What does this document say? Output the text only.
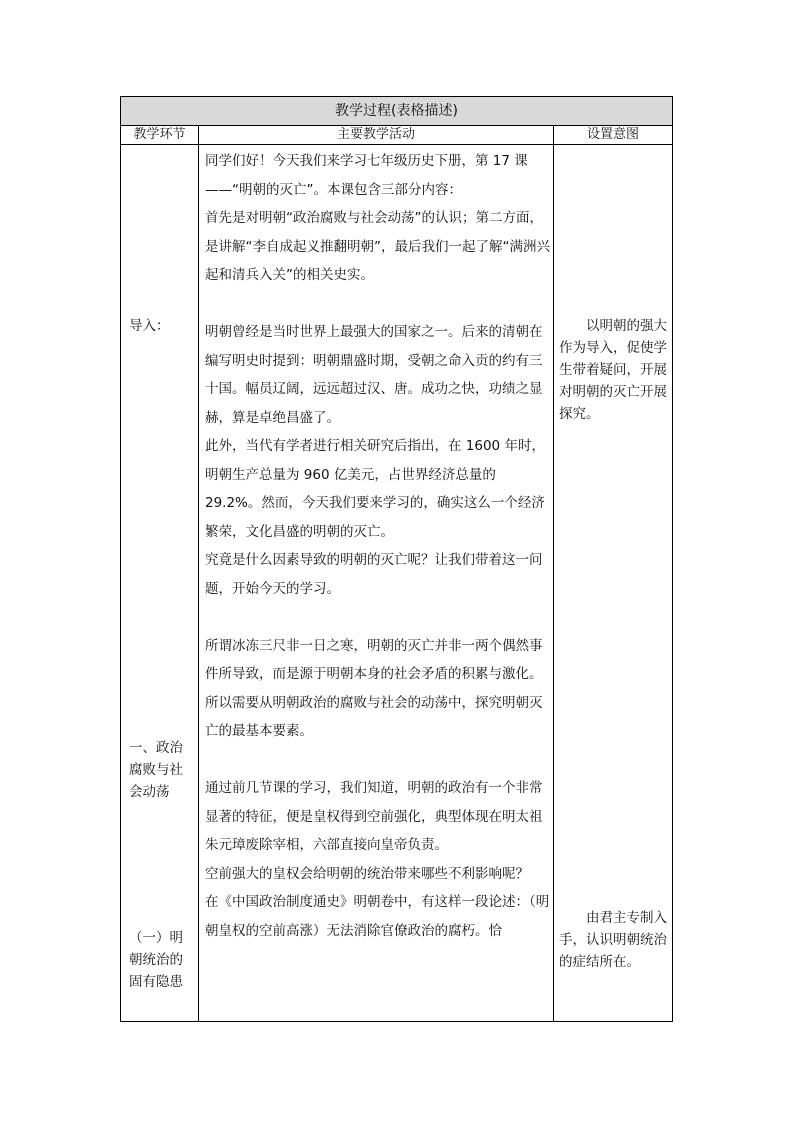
教学过程(表格描述)
教学环节	主要教学活动	设置意图
导入：
一、政治腐败与社会动荡
（一）明朝统治的固有隐患

同学们好！今天我们来学习七年级历史下册，第 17 课——“明朝的灭亡”。本课包含三部分内容：

首先是对明朝“政治腐败与社会动荡”的认识；第二方面，是讲解“李自成起义推翻明朝”，最后我们一起了解“满洲兴起和清兵入关”的相关史实。

明朝曾经是当时世界上最强大的国家之一。后来的清朝在编写明史时提到：明朝鼎盛时期，受朝之命入贡的约有三十国。幅员辽阔，远远超过汉、唐。成功之快，功绩之显赫，算是卓绝昌盛了。

此外，当代有学者进行相关研究后指出，在 1600 年时，明朝生产总量为 960 亿美元，占世界经济总量的 29.2%。然而，今天我们要来学习的，确实这么一个经济繁荣，文化昌盛的明朝的灭亡。

究竟是什么因素导致的明朝的灭亡呢？让我们带着这一问题，开始今天的学习。

所谓冰冻三尺非一日之寒，明朝的灭亡并非一两个偶然事件所导致，而是源于明朝本身的社会矛盾的积累与激化。所以需要从明朝政治的腐败与社会的动荡中，探究明朝灭亡的最基本要素。

通过前几节课的学习，我们知道，明朝的政治有一个非常显著的特征，便是皇权得到空前强化，典型体现在明太祖朱元璋废除宰相，六部直接向皇帝负责。

空前强大的皇权会给明朝的统治带来哪些不利影响呢？

在《中国政治制度通史》明朝卷中，有这样一段论述：（明朝皇权的空前高涨）无法消除官僚政治的腐朽。恰

以明朝的强大作为导入，促使学生带着疑问，开展对明朝的灭亡开展探究。
由君主专制入手，认识明朝统治的症结所在。
